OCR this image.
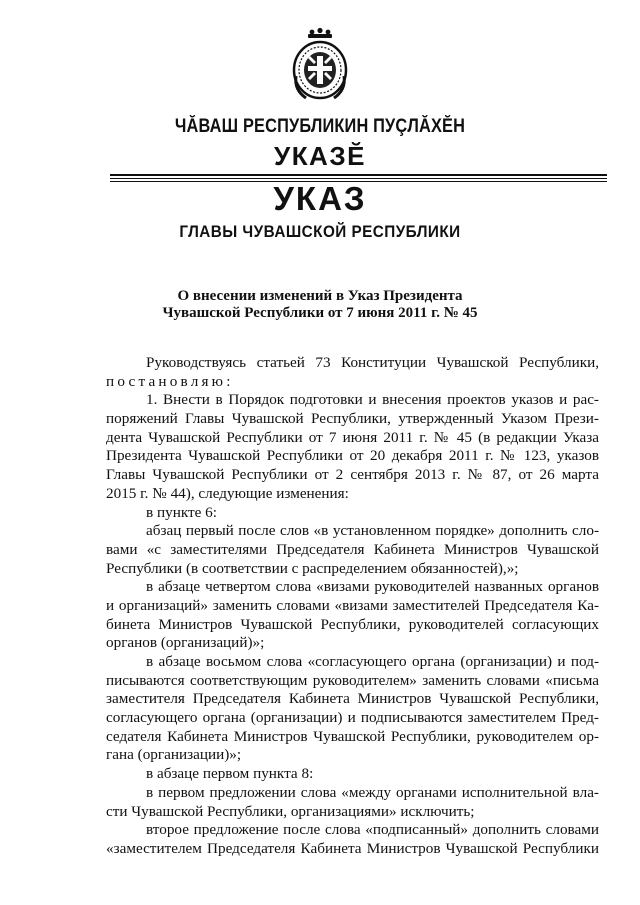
ЧĂВАШ РЕСПУБЛИКИН ПУÇЛĂХĔН
УКАЗĔ
УКАЗ
ГЛАВЫ ЧУВАШСКОЙ РЕСПУБЛИКИ
О внесении изменений в Указ Президента
Чувашской Республики от 7 июня 2011 г. № 45
Руководствуясь статьей 73 Конституции Чувашской Республики,
постановляю:
1. Внести в Порядок подготовки и внесения проектов указов и рас-
поряжений Главы Чувашской Республики, утвержденный Указом Прези-
дента Чувашской Республики от 7 июня 2011 г. № 45 (в редакции Указа
Президента Чувашской Республики от 20 декабря 2011 г. № 123, указов
Главы Чувашской Республики от 2 сентября 2013 г. № 87, от 26 марта
2015 г. № 44), следующие изменения:
в пункте 6:
абзац первый после слов «в установленном порядке» дополнить сло-
вами «с заместителями Председателя Кабинета Министров Чувашской
Республики (в соответствии с распределением обязанностей),»;
в абзаце четвертом слова «визами руководителей названных органов
и организаций» заменить словами «визами заместителей Председателя Ка-
бинета Министров Чувашской Республики, руководителей согласующих
органов (организаций)»;
в абзаце восьмом слова «согласующего органа (организации) и под-
писываются соответствующим руководителем» заменить словами «письма
заместителя Председателя Кабинета Министров Чувашской Республики,
согласующего органа (организации) и подписываются заместителем Пред-
седателя Кабинета Министров Чувашской Республики, руководителем ор-
гана (организации)»;
в абзаце первом пункта 8:
в первом предложении слова «между органами исполнительной вла-
сти Чувашской Республики, организациями» исключить;
второе предложение после слова «подписанный» дополнить словами
«заместителем Председателя Кабинета Министров Чувашской Республики
